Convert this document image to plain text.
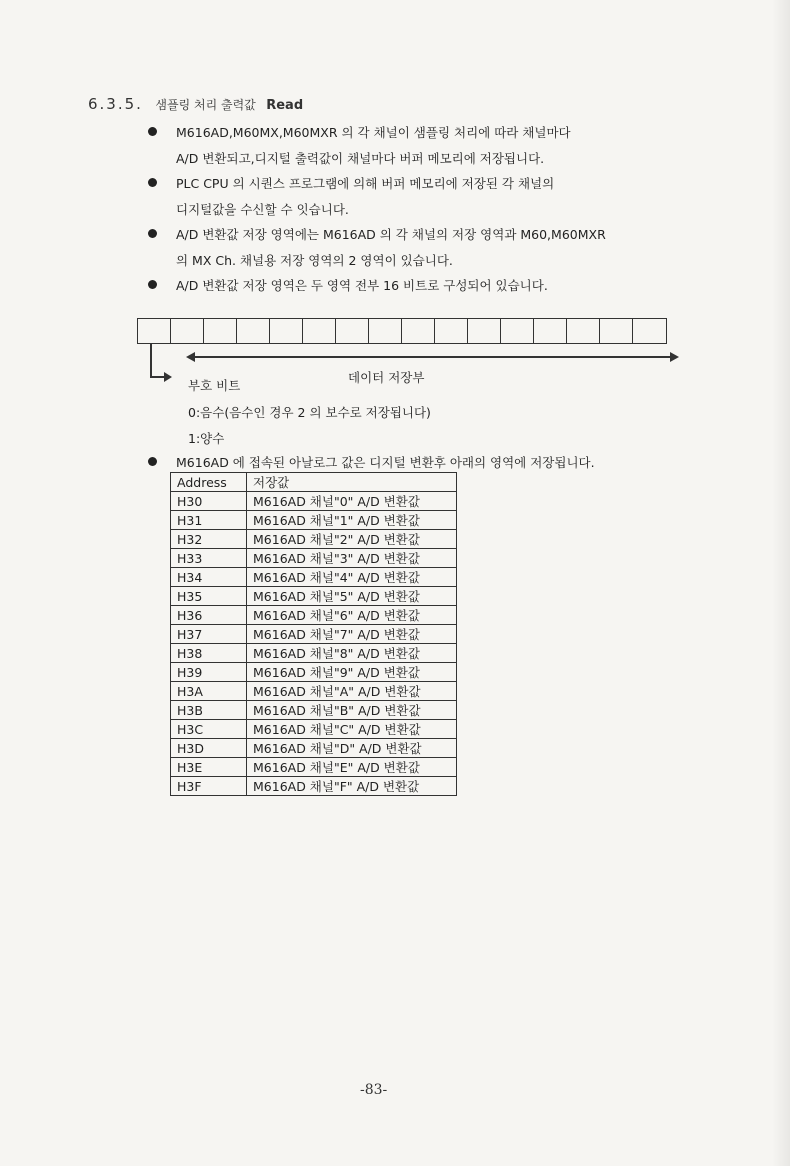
6.3.5. 샘플링 처리 출력값 Read
M616AD,M60MX,M60MXR 의 각 채널이 샘플링 처리에 따라 채널마다
A/D 변환되고,디지털 출력값이 채널마다 버퍼 메모리에 저장됩니다.
PLC CPU 의 시퀀스 프로그램에 의해 버퍼 메모리에 저장된 각 채널의
디지털값을 수신할 수 잇습니다.
A/D 변환값 저장 영역에는 M616AD 의 각 채널의 저장 영역과 M60,M60MXR
의 MX Ch. 채널용 저장 영역의 2 영역이 있습니다.
A/D 변환값 저장 영역은 두 영역 전부 16 비트로 구성되어 있습니다.
데이터 저장부
부호 비트
0:음수(음수인 경우 2 의 보수로 저장됩니다)
1:양수
M616AD 에 접속된 아날로그 값은 디지털 변환후 아래의 영역에 저장됩니다.
Address	저장값
H30	M616AD 채널"0" A/D 변환값
H31	M616AD 채널"1" A/D 변환값
H32	M616AD 채널"2" A/D 변환값
H33	M616AD 채널"3" A/D 변환값
H34	M616AD 채널"4" A/D 변환값
H35	M616AD 채널"5" A/D 변환값
H36	M616AD 채널"6" A/D 변환값
H37	M616AD 채널"7" A/D 변환값
H38	M616AD 채널"8" A/D 변환값
H39	M616AD 채널"9" A/D 변환값
H3A	M616AD 채널"A" A/D 변환값
H3B	M616AD 채널"B" A/D 변환값
H3C	M616AD 채널"C" A/D 변환값
H3D	M616AD 채널"D" A/D 변환값
H3E	M616AD 채널"E" A/D 변환값
H3F	M616AD 채널"F" A/D 변환값
-83-
